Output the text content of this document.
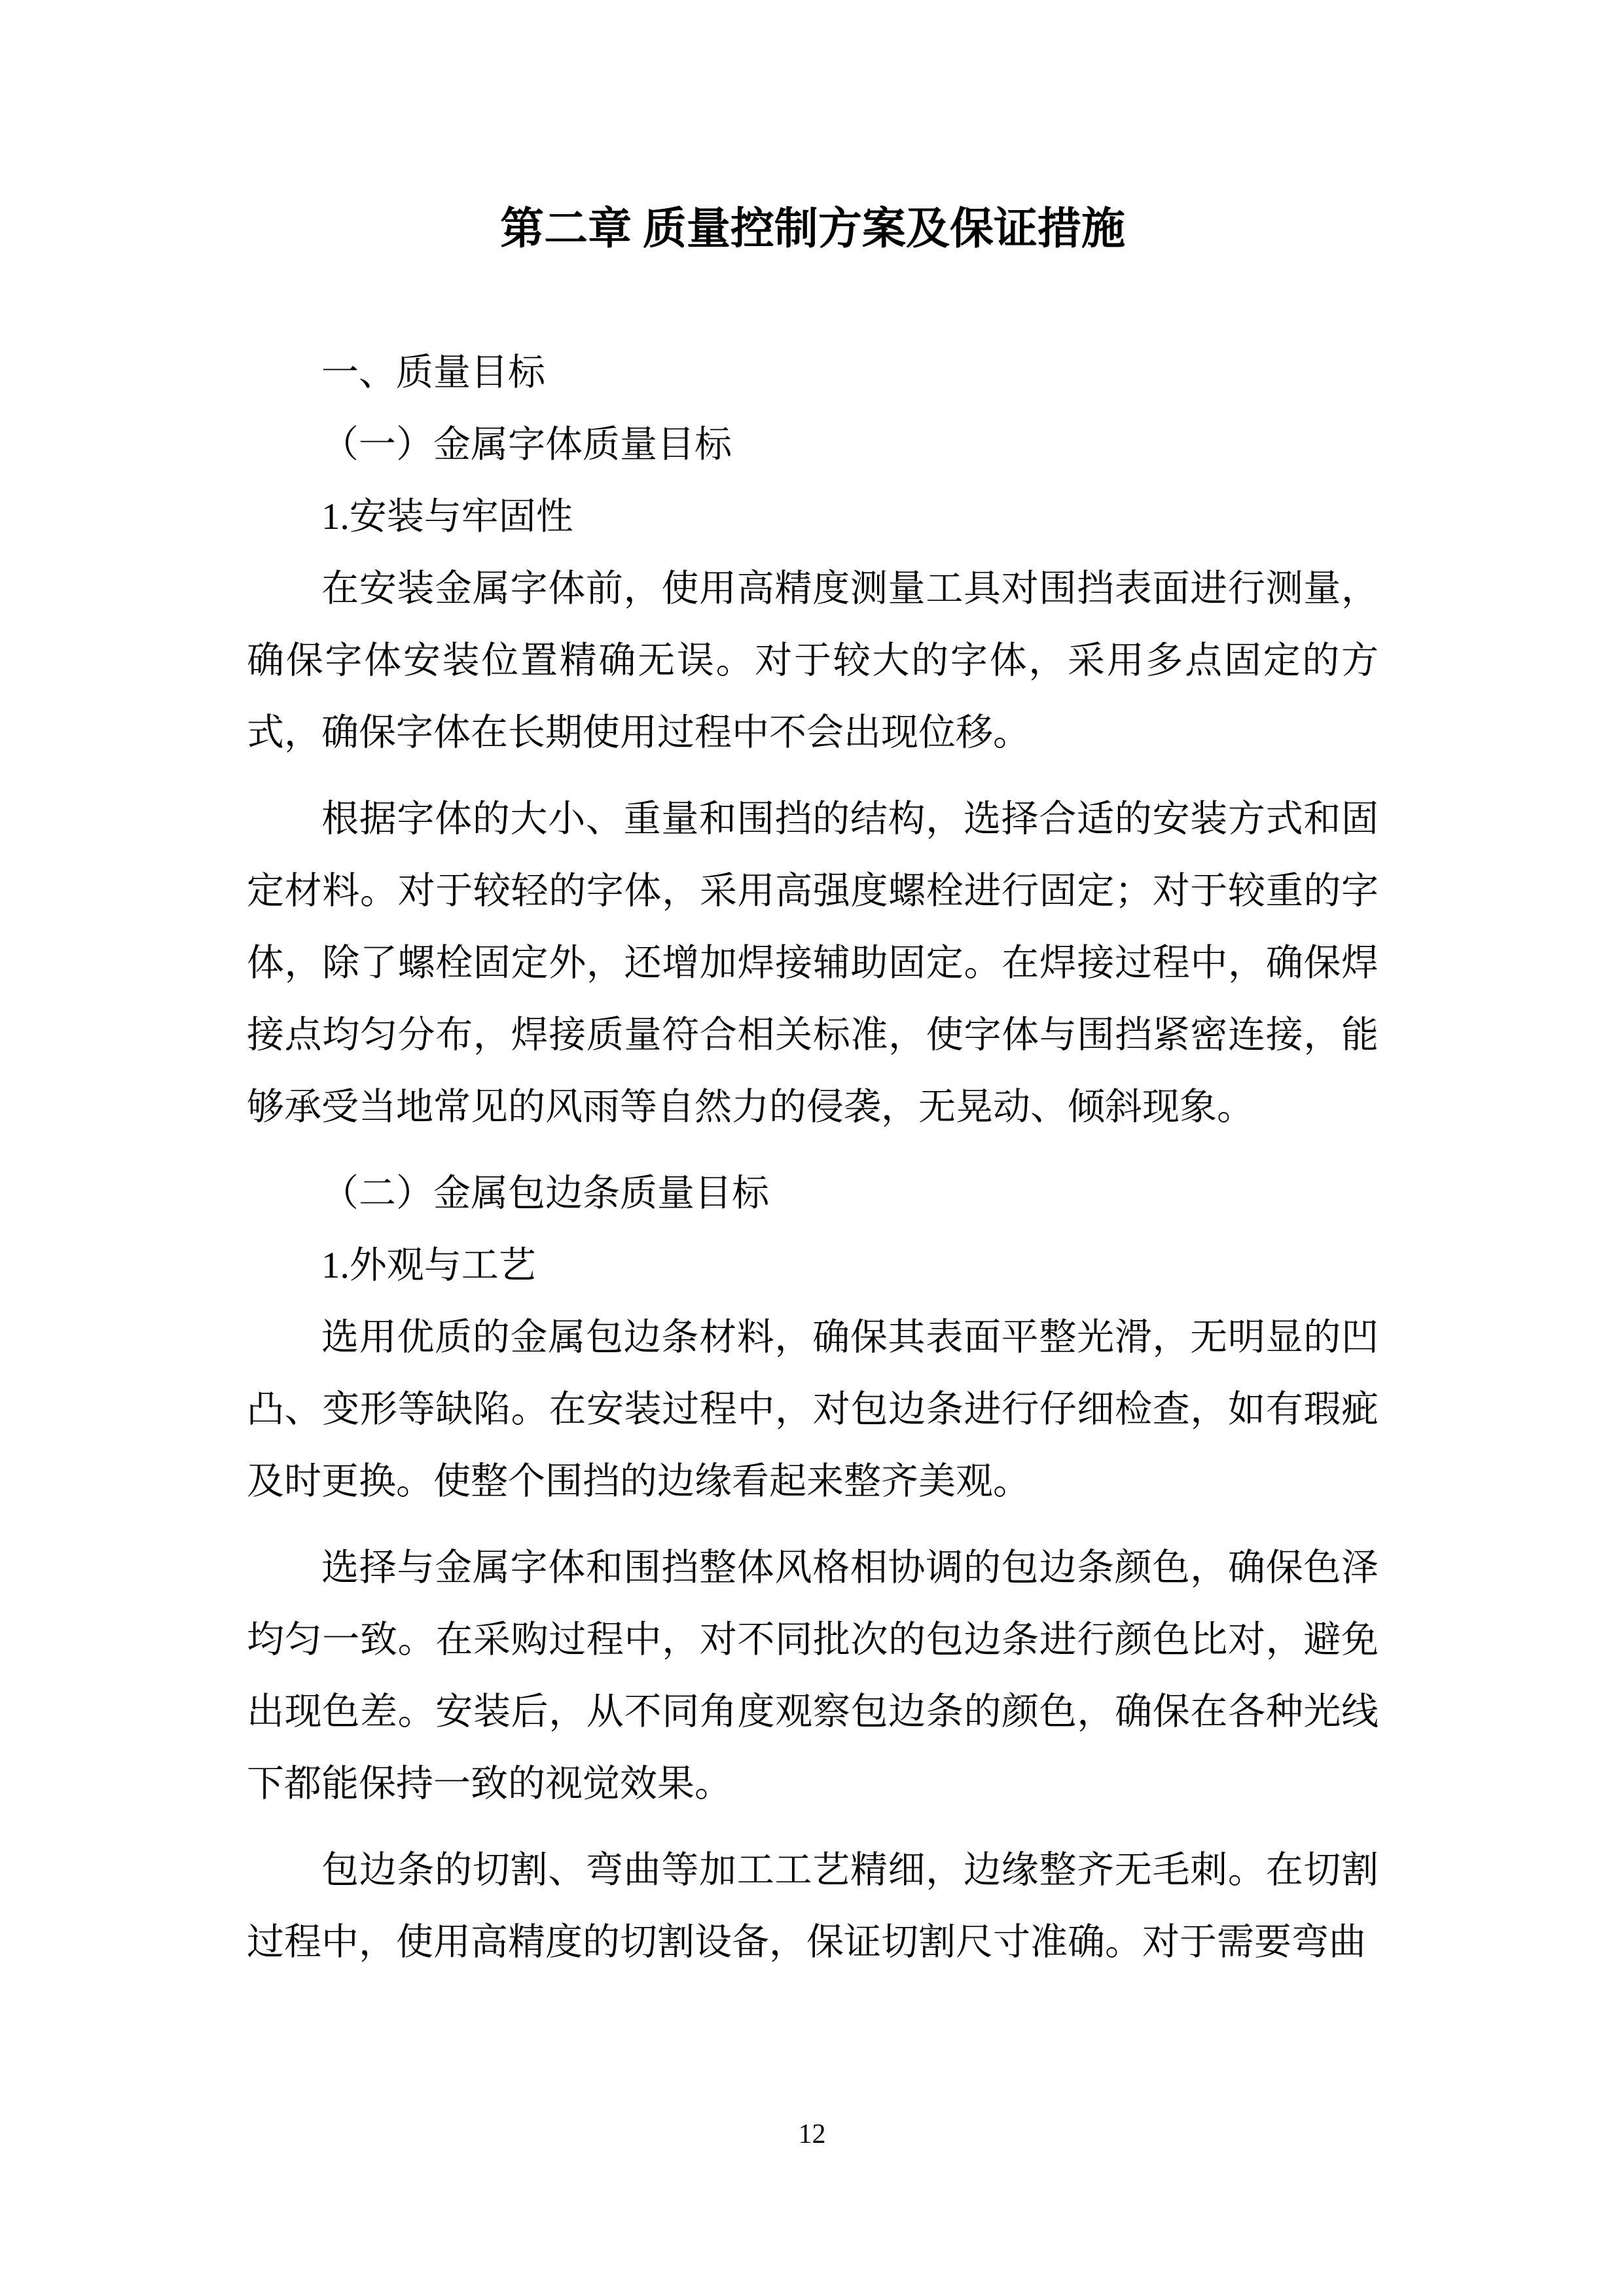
第二章 质量控制方案及保证措施
一、质量目标
（一）金属字体质量目标
1.安装与牢固性
在安装金属字体前，使用高精度测量工具对围挡表面进行测量，确保字体安装位置精确无误。对于较大的字体，采用多点固定的方式，确保字体在长期使用过程中不会出现位移。
根据字体的大小、重量和围挡的结构，选择合适的安装方式和固定材料。对于较轻的字体，采用高强度螺栓进行固定；对于较重的字体，除了螺栓固定外，还增加焊接辅助固定。在焊接过程中，确保焊接点均匀分布，焊接质量符合相关标准，使字体与围挡紧密连接，能够承受当地常见的风雨等自然力的侵袭，无晃动、倾斜现象。
（二）金属包边条质量目标
1.外观与工艺
选用优质的金属包边条材料，确保其表面平整光滑，无明显的凹凸、变形等缺陷。在安装过程中，对包边条进行仔细检查，如有瑕疵及时更换。使整个围挡的边缘看起来整齐美观。
选择与金属字体和围挡整体风格相协调的包边条颜色，确保色泽均匀一致。在采购过程中，对不同批次的包边条进行颜色比对，避免出现色差。安装后，从不同角度观察包边条的颜色，确保在各种光线下都能保持一致的视觉效果。
包边条的切割、弯曲等加工工艺精细，边缘整齐无毛刺。在切割过程中，使用高精度的切割设备，保证切割尺寸准确。对于需要弯曲
12
